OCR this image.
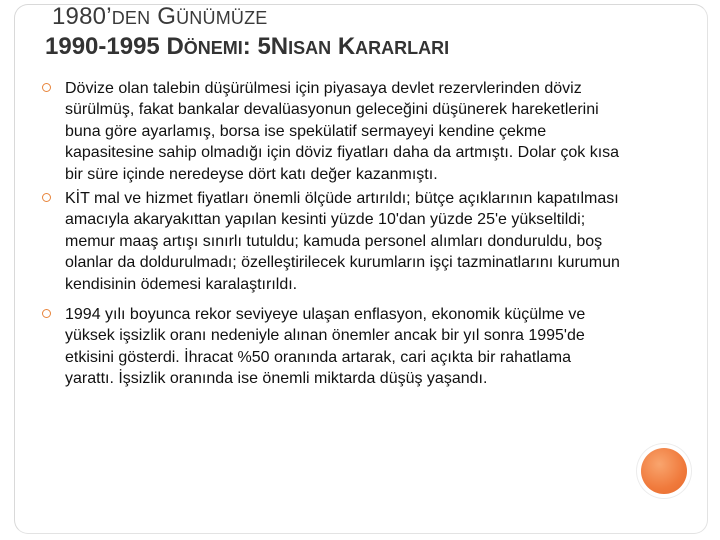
1980’DEN GÜNÜMÜZE
1990-1995 DÖNEMI: 5NISAN KARARLARI
Dövize olan talebin düşürülmesi için piyasaya devlet rezervlerinden döviz sürülmüş, fakat bankalar devalüasyonun geleceğini düşünerek hareketlerini buna göre ayarlamış, borsa ise spekülatif sermayeyi kendine çekme kapasitesine sahip olmadığı için döviz fiyatları daha da artmıştı. Dolar çok kısa bir süre içinde neredeyse dört katı değer kazanmıştı.
KİT mal ve hizmet fiyatları önemli ölçüde artırıldı; bütçe açıklarının kapatılması amacıyla akaryakıttan yapılan kesinti yüzde 10'dan yüzde 25'e yükseltildi; memur maaş artışı sınırlı tutuldu; kamuda personel alımları donduruldu, boş olanlar da doldurulmadı; özelleştirilecek kurumların işçi tazminatlarını kurumun kendisinin ödemesi karalaştırıldı.
1994 yılı boyunca rekor seviyeye ulaşan enflasyon, ekonomik küçülme ve yüksek işsizlik oranı nedeniyle alınan önemler ancak bir yıl sonra 1995'de etkisini gösterdi. İhracat %50 oranında artarak, cari açıkta bir rahatlama yarattı. İşsizlik oranında ise önemli miktarda düşüş yaşandı.
